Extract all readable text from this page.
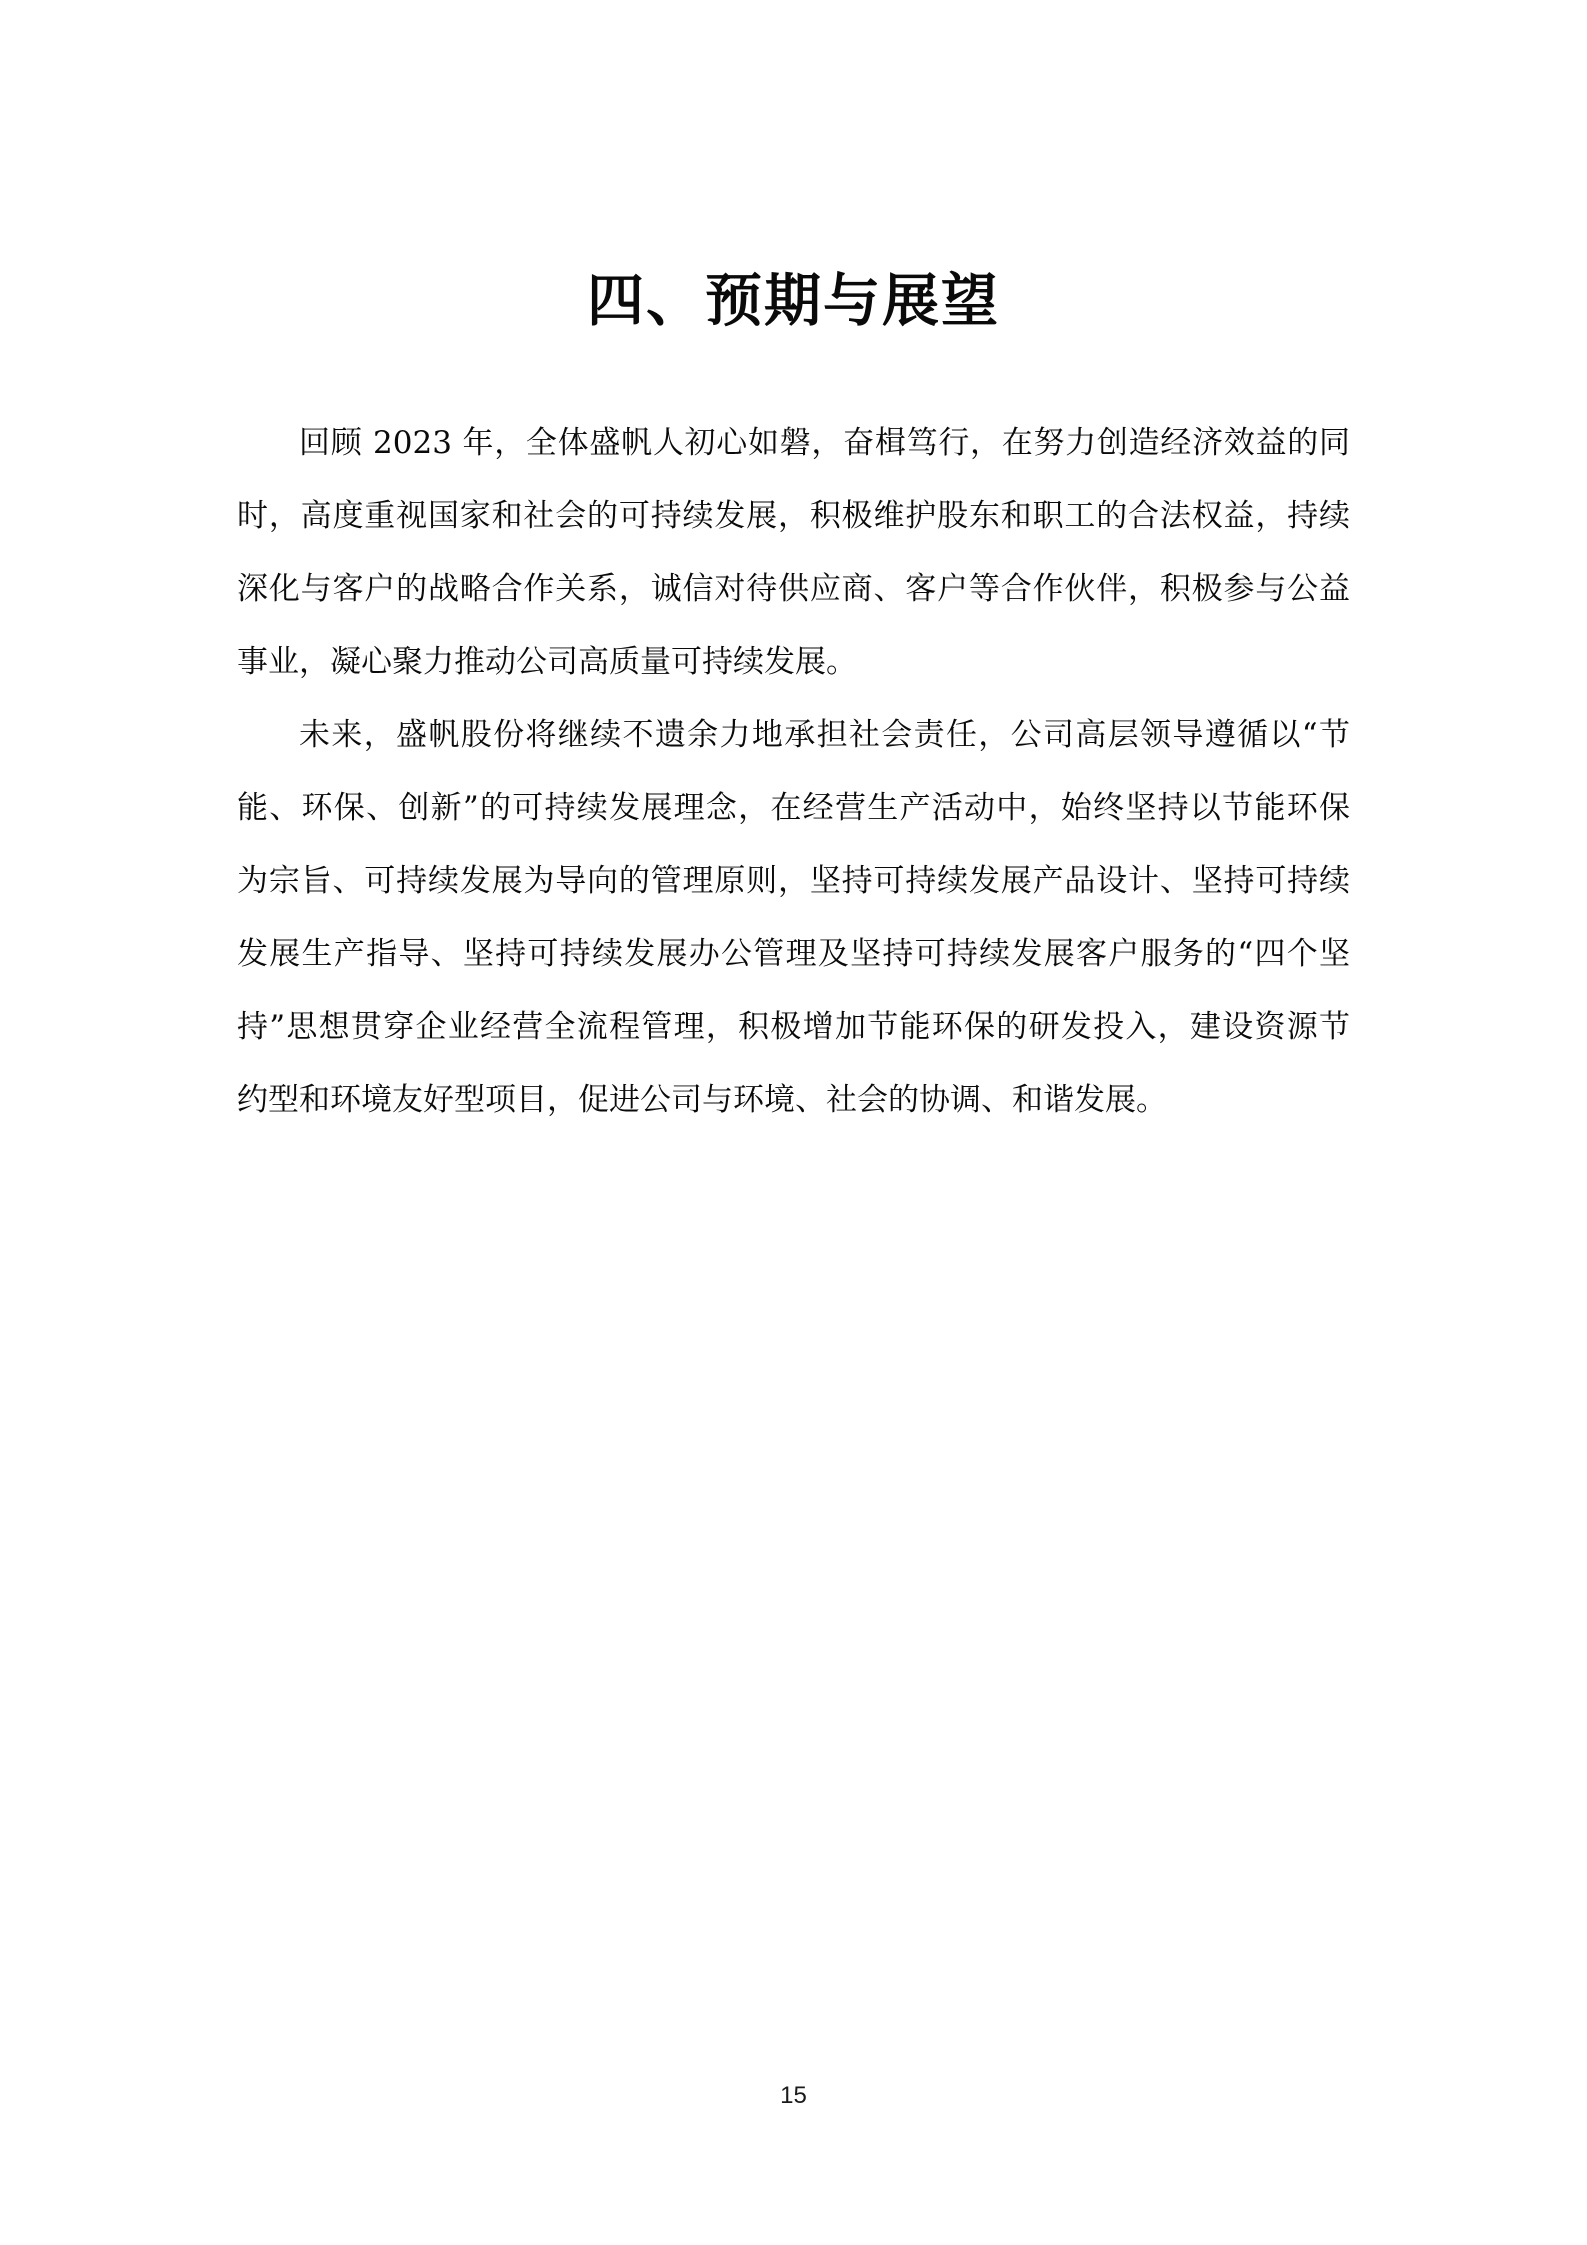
四、预期与展望
回顾 2023 年，全体盛帆人初心如磐，奋楫笃行，在努力创造经济效益的同
时，高度重视国家和社会的可持续发展，积极维护股东和职工的合法权益，持续
深化与客户的战略合作关系，诚信对待供应商、客户等合作伙伴，积极参与公益
事业，凝心聚力推动公司高质量可持续发展。
未来，盛帆股份将继续不遗余力地承担社会责任，公司高层领导遵循以“节
能、环保、创新”的可持续发展理念，在经营生产活动中，始终坚持以节能环保
为宗旨、可持续发展为导向的管理原则，坚持可持续发展产品设计、坚持可持续
发展生产指导、坚持可持续发展办公管理及坚持可持续发展客户服务的“四个坚
持”思想贯穿企业经营全流程管理，积极增加节能环保的研发投入，建设资源节
约型和环境友好型项目，促进公司与环境、社会的协调、和谐发展。
15
